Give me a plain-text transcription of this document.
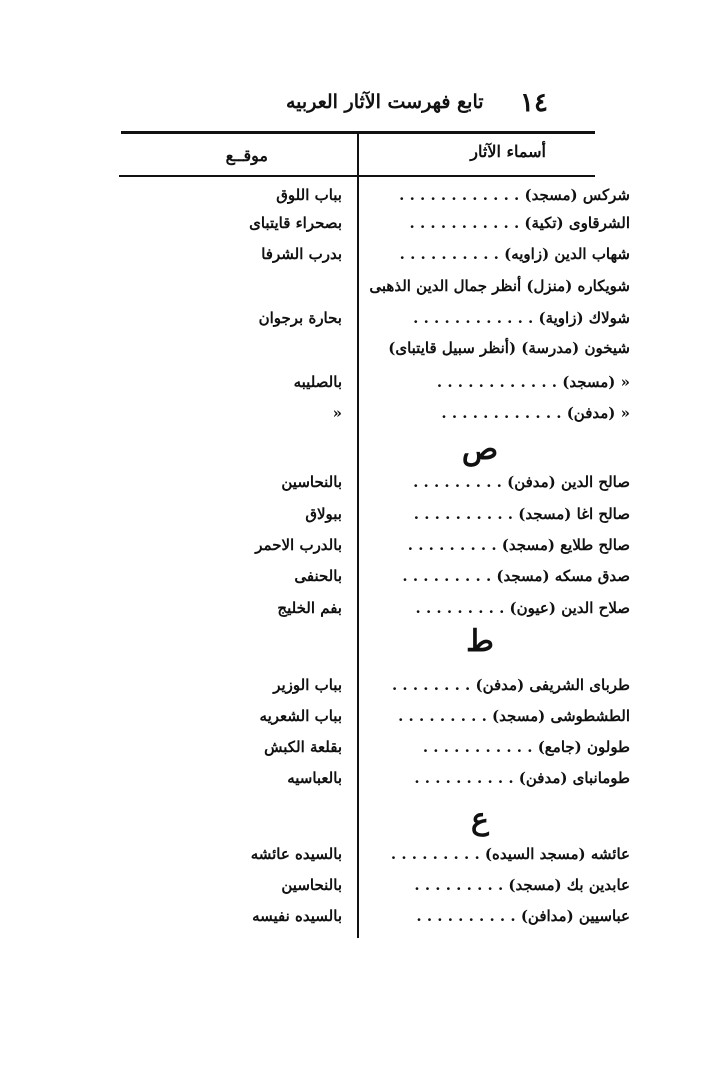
١٤
تابع فهرست الآثار العربيه
أسماء الآثار
موقــع
شركس (مسجد) . . . . . . . . . . . .
بباب اللوق
الشرقاوى (تكية) . . . . . . . . . . .
بصحراء قايتباى
شهاب الدين (زاويه) . . . . . . . . . .
بدرب الشرفا
شويكاره (منزل) أنظر جمال الدين الذهبى
شولاك (زاوية) . . . . . . . . . . . .
بحارة برجوان
شيخون (مدرسة) (أنظر سبيل قايتباى)
« (مسجد) . . . . . . . . . . . .
بالصليبه
« (مدفن) . . . . . . . . . . . .
«
ص
صالح الدين (مدفن) . . . . . . . . .
بالنحاسين
صالح اغا (مسجد) . . . . . . . . . .
ببولاق
صالح طلايع (مسجد) . . . . . . . . .
بالدرب الاحمر
صدق مسكه (مسجد) . . . . . . . . .
بالحنفى
صلاح الدين (عيون) . . . . . . . . .
بفم الخليج
ط
طرباى الشريفى (مدفن) . . . . . . . .
بباب الوزير
الطشطوشى (مسجد) . . . . . . . . .
بباب الشعريه
طولون (جامع) . . . . . . . . . . .
بقلعة الكبش
طومانباى (مدفن) . . . . . . . . . .
بالعباسيه
ع
عائشه (مسجد السيده) . . . . . . . . .
بالسيده عائشه
عابدين بك (مسجد) . . . . . . . . .
بالنحاسين
عباسيين (مدافن) . . . . . . . . . .
بالسيده نفيسه
